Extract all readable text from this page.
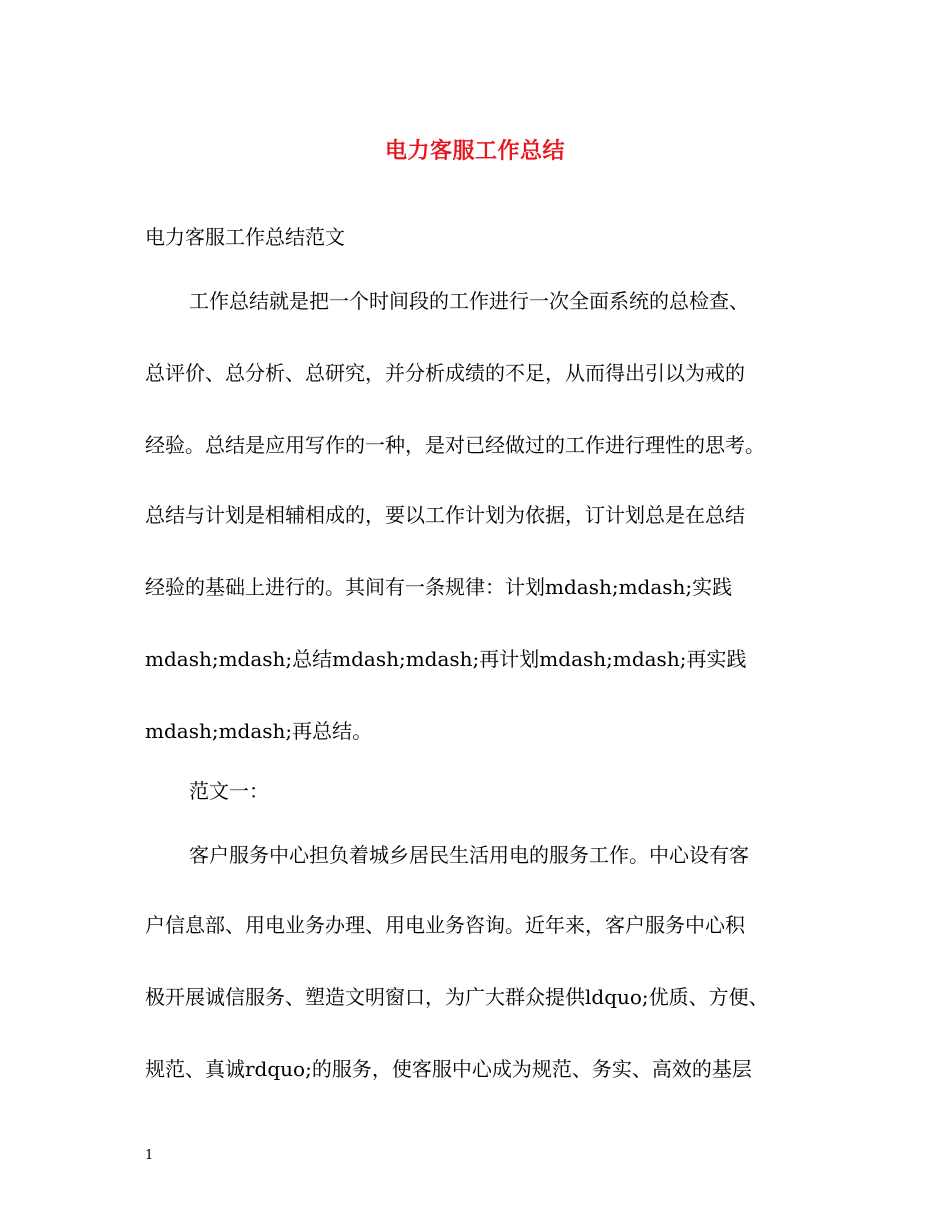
电力客服工作总结
电力客服工作总结范文
工作总结就是把一个时间段的工作进行一次全面系统的总检查、
总评价、总分析、总研究，并分析成绩的不足，从而得出引以为戒的
经验。总结是应用写作的一种，是对已经做过的工作进行理性的思考。
总结与计划是相辅相成的，要以工作计划为依据，订计划总是在总结
经验的基础上进行的。其间有一条规律：计划mdash;mdash;实践
mdash;mdash;总结mdash;mdash;再计划mdash;mdash;再实践
mdash;mdash;再总结。
范文一：
客户服务中心担负着城乡居民生活用电的服务工作。中心设有客
户信息部、用电业务办理、用电业务咨询。近年来，客户服务中心积
极开展诚信服务、塑造文明窗口，为广大群众提供ldquo;优质、方便、
规范、真诚rdquo;的服务，使客服中心成为规范、务实、高效的基层
1
